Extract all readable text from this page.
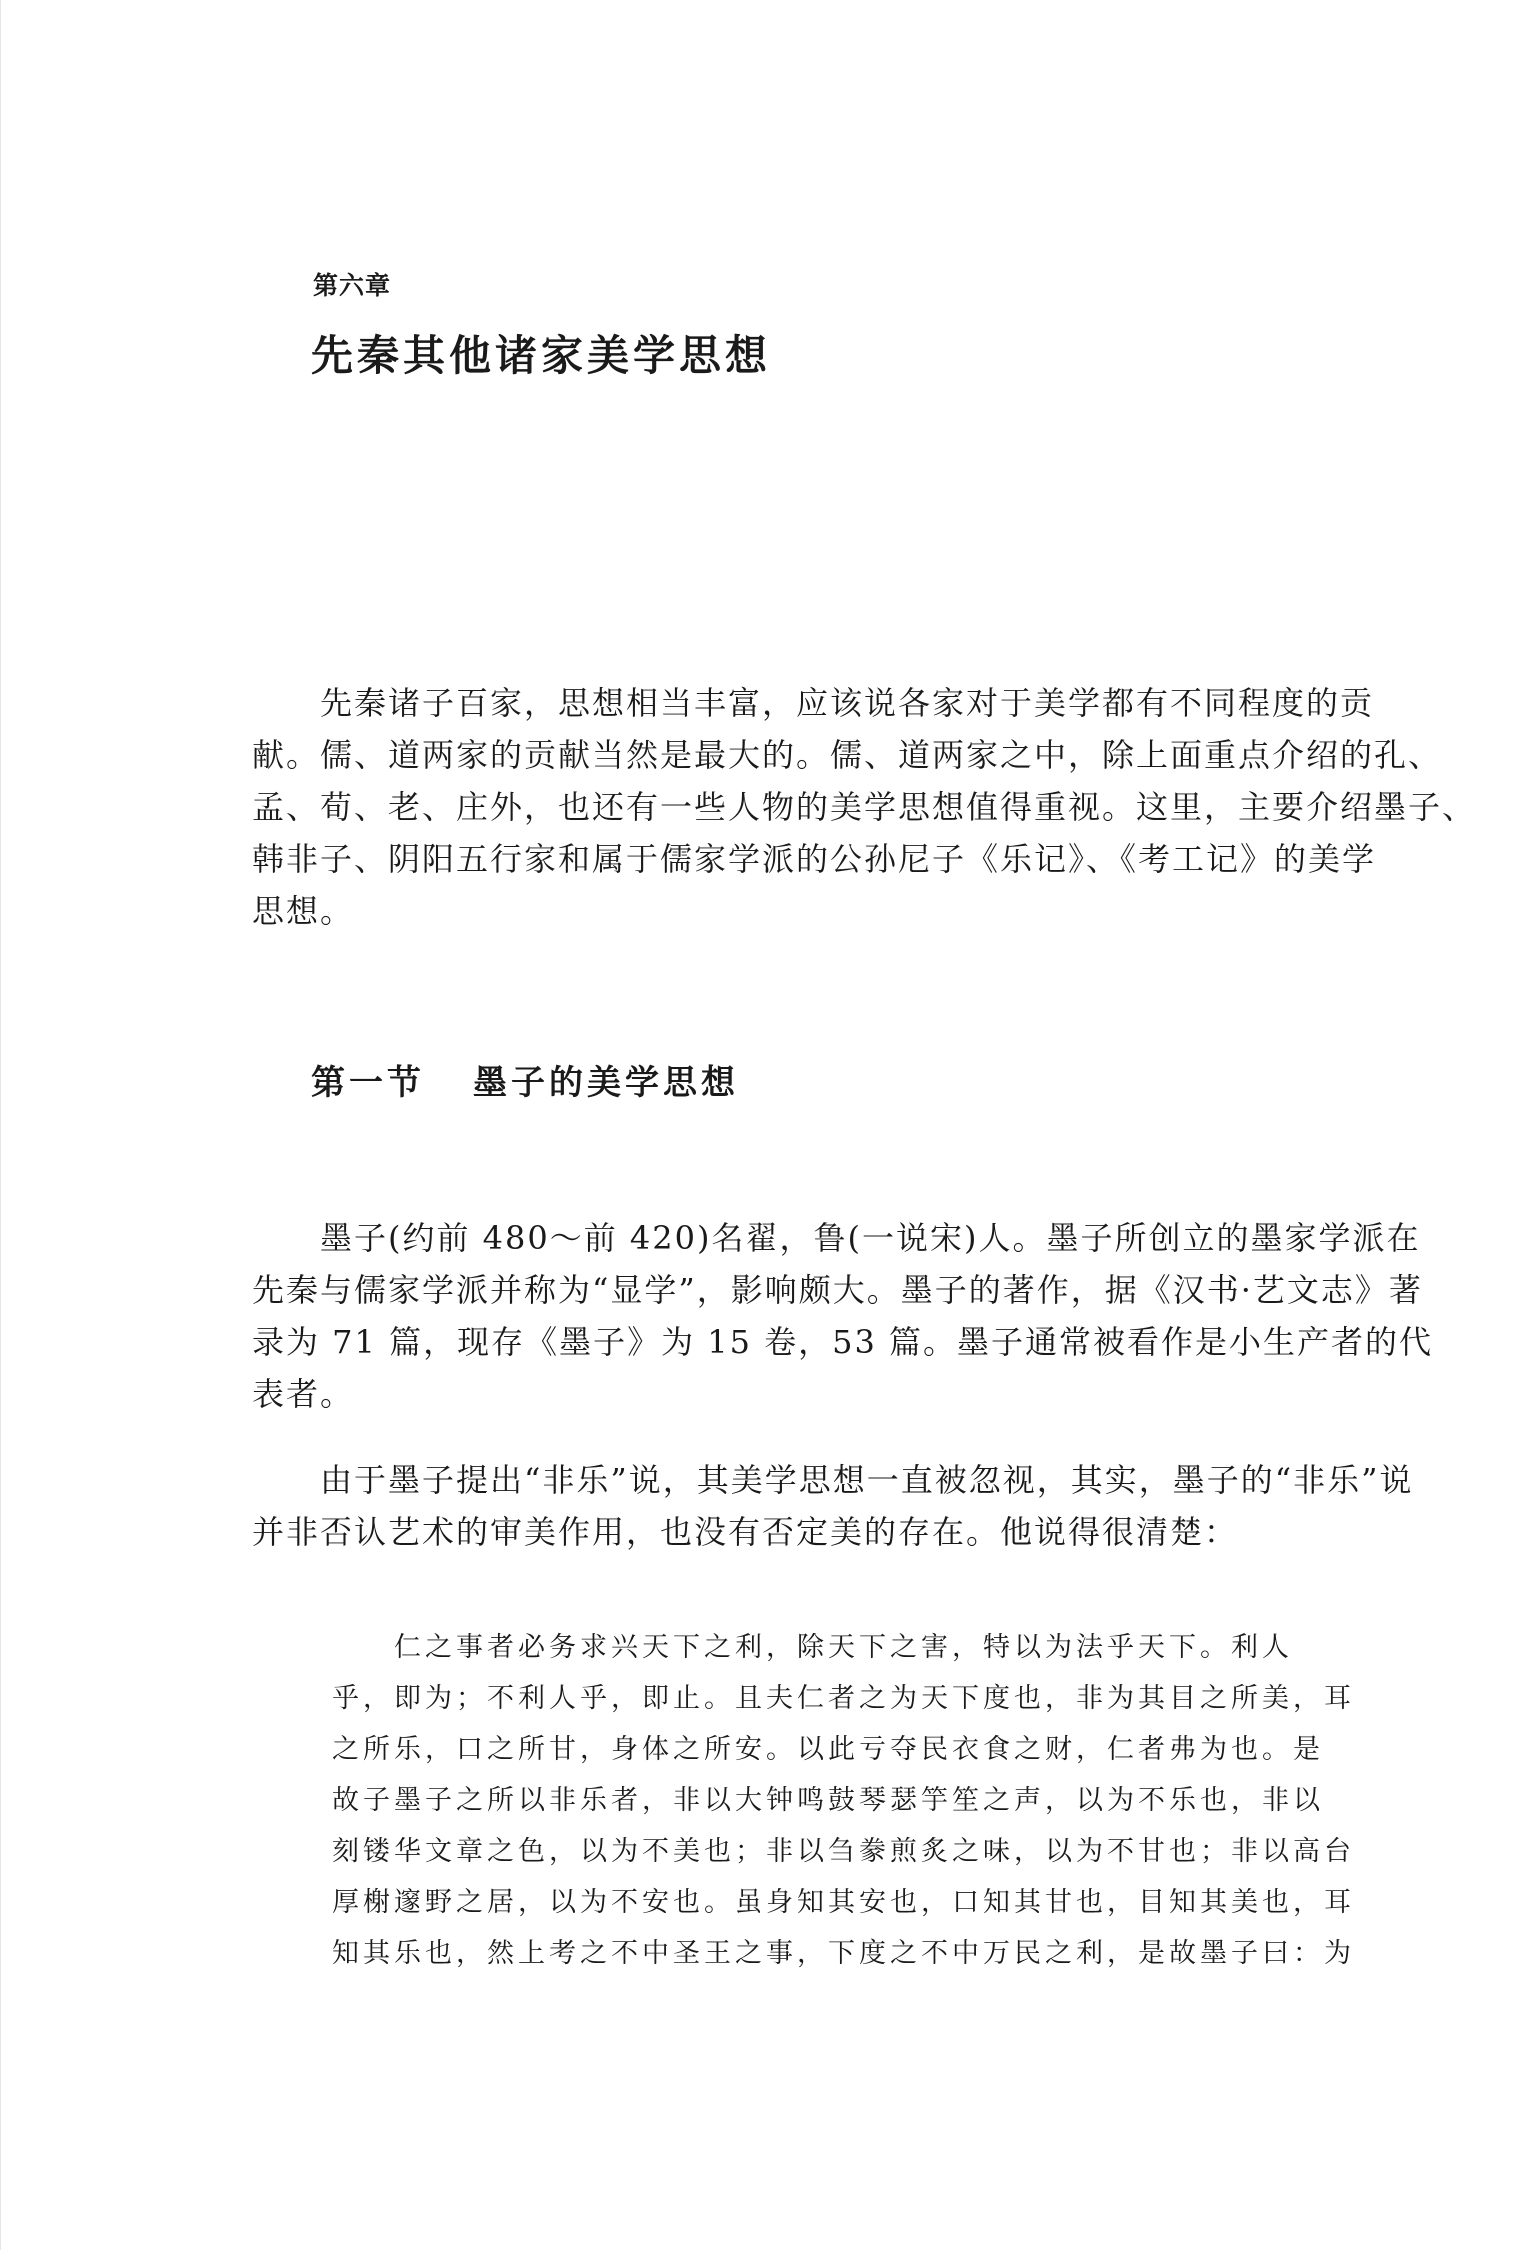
第六章
先秦其他诸家美学思想
　　先秦诸子百家，思想相当丰富，应该说各家对于美学都有不同程度的贡
献。儒、道两家的贡献当然是最大的。儒、道两家之中，除上面重点介绍的孔、
孟、荀、老、庄外，也还有一些人物的美学思想值得重视。这里，主要介绍墨子、
韩非子、阴阳五行家和属于儒家学派的公孙尼子《乐记》、《考工记》的美学
思想。
第一节 墨子的美学思想
　　墨子(约前 480～前 420)名翟，鲁(一说宋)人。墨子所创立的墨家学派在
先秦与儒家学派并称为“显学”，影响颇大。墨子的著作，据《汉书·艺文志》著
录为 71 篇，现存《墨子》为 15 卷，53 篇。墨子通常被看作是小生产者的代
表者。
　　由于墨子提出“非乐”说，其美学思想一直被忽视，其实，墨子的“非乐”说
并非否认艺术的审美作用，也没有否定美的存在。他说得很清楚：
　　仁之事者必务求兴天下之利，除天下之害，特以为法乎天下。利人
乎，即为；不利人乎，即止。且夫仁者之为天下度也，非为其目之所美，耳
之所乐，口之所甘，身体之所安。以此亏夺民衣食之财，仁者弗为也。是
故子墨子之所以非乐者，非以大钟鸣鼓琴瑟竽笙之声，以为不乐也，非以
刻镂华文章之色，以为不美也；非以刍豢煎炙之味，以为不甘也；非以高台
厚榭邃野之居，以为不安也。虽身知其安也，口知其甘也，目知其美也，耳
知其乐也，然上考之不中圣王之事，下度之不中万民之利，是故墨子曰：为
